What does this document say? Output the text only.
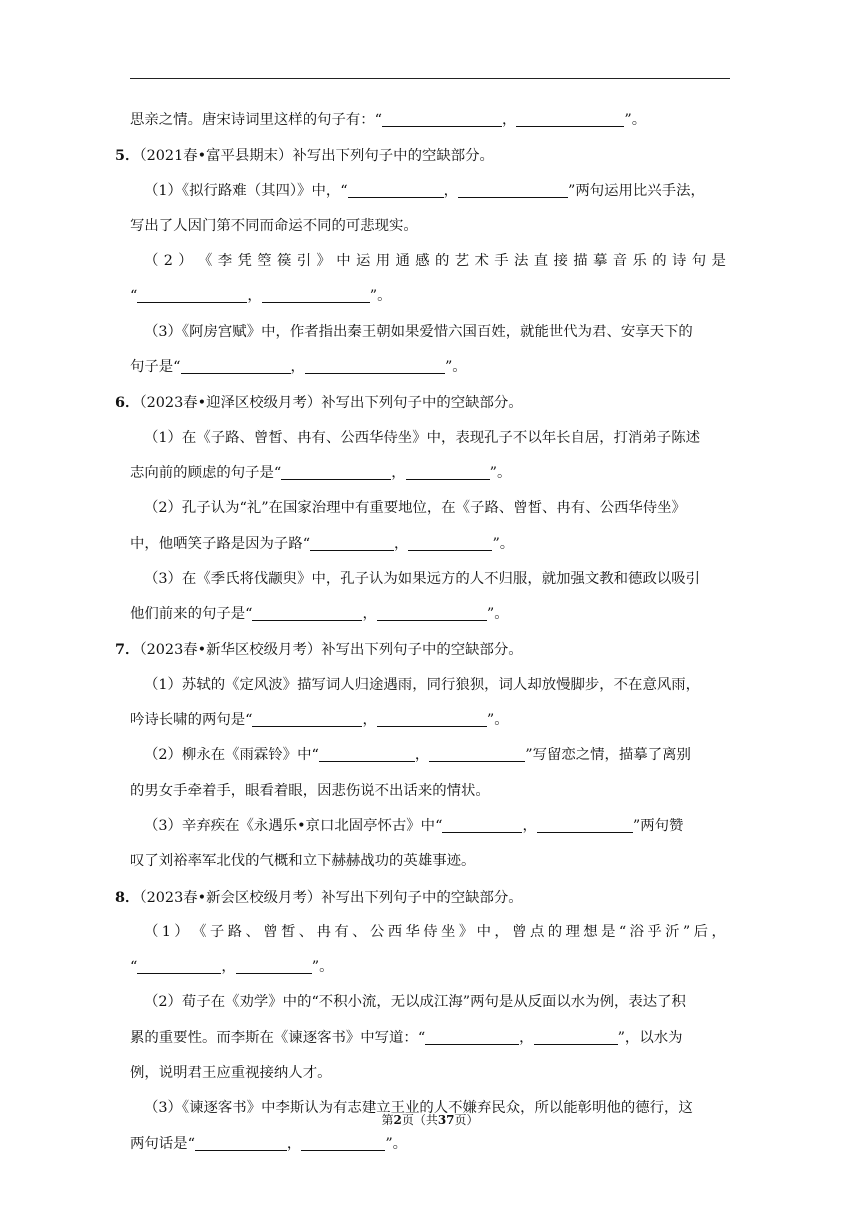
思亲之情。唐宋诗词里这样的句子有：“	，	”。
5．（2021春•富平县期末）补写出下列句子中的空缺部分。
（1）《拟行路难（其四）》中，“	，	”两句运用比兴手法，
写出了人因门第不同而命运不同的可悲现实。
（ 2 ） 《 李 凭 箜 篌 引 》 中 运 用 通 感 的 艺 术 手 法 直 接 描 摹 音 乐 的 诗 句 是
“	，	”。
（3）《阿房宫赋》中，作者指出秦王朝如果爱惜六国百姓，就能世代为君、安享天下的
句子是“	，	”。
6．（2023春•迎泽区校级月考）补写出下列句子中的空缺部分。
（1）在《子路、曾皙、冉有、公西华侍坐》中，表现孔子不以年长自居，打消弟子陈述
志向前的顾虑的句子是“	，	”。
（2）孔子认为“礼”在国家治理中有重要地位，在《子路、曾皙、冉有、公西华侍坐》
中，他哂笑子路是因为子路“	，	”。
（3）在《季氏将伐颛臾》中，孔子认为如果远方的人不归服，就加强文教和德政以吸引
他们前来的句子是“	，	”。
7．（2023春•新华区校级月考）补写出下列句子中的空缺部分。
（1）苏轼的《定风波》描写词人归途遇雨，同行狼狈，词人却放慢脚步，不在意风雨，
吟诗长啸的两句是“	，	”。
（2）柳永在《雨霖铃》中“	，	”写留恋之情，描摹了离别
的男女手牵着手，眼看着眼，因悲伤说不出话来的情状。
（3）辛弃疾在《永遇乐•京口北固亭怀古》中“	，	”两句赞
叹了刘裕率军北伐的气概和立下赫赫战功的英雄事迹。
8．（2023春•新会区校级月考）补写出下列句子中的空缺部分。
（ 1 ） 《 子 路 、 曾 皙 、 冉 有 、 公 西 华 侍 坐 》 中 ， 曾 点 的 理 想 是 “ 浴 乎 沂 ” 后 ，
“	，	”。
（2）荀子在《劝学》中的“不积小流，无以成江海”两句是从反面以水为例，表达了积
累的重要性。而李斯在《谏逐客书》中写道：“	，	”，以水为
例，说明君王应重视接纳人才。
（3）《谏逐客书》中李斯认为有志建立王业的人不嫌弃民众，所以能彰明他的德行，这
两句话是“	，	”。
第2页（共37页）
